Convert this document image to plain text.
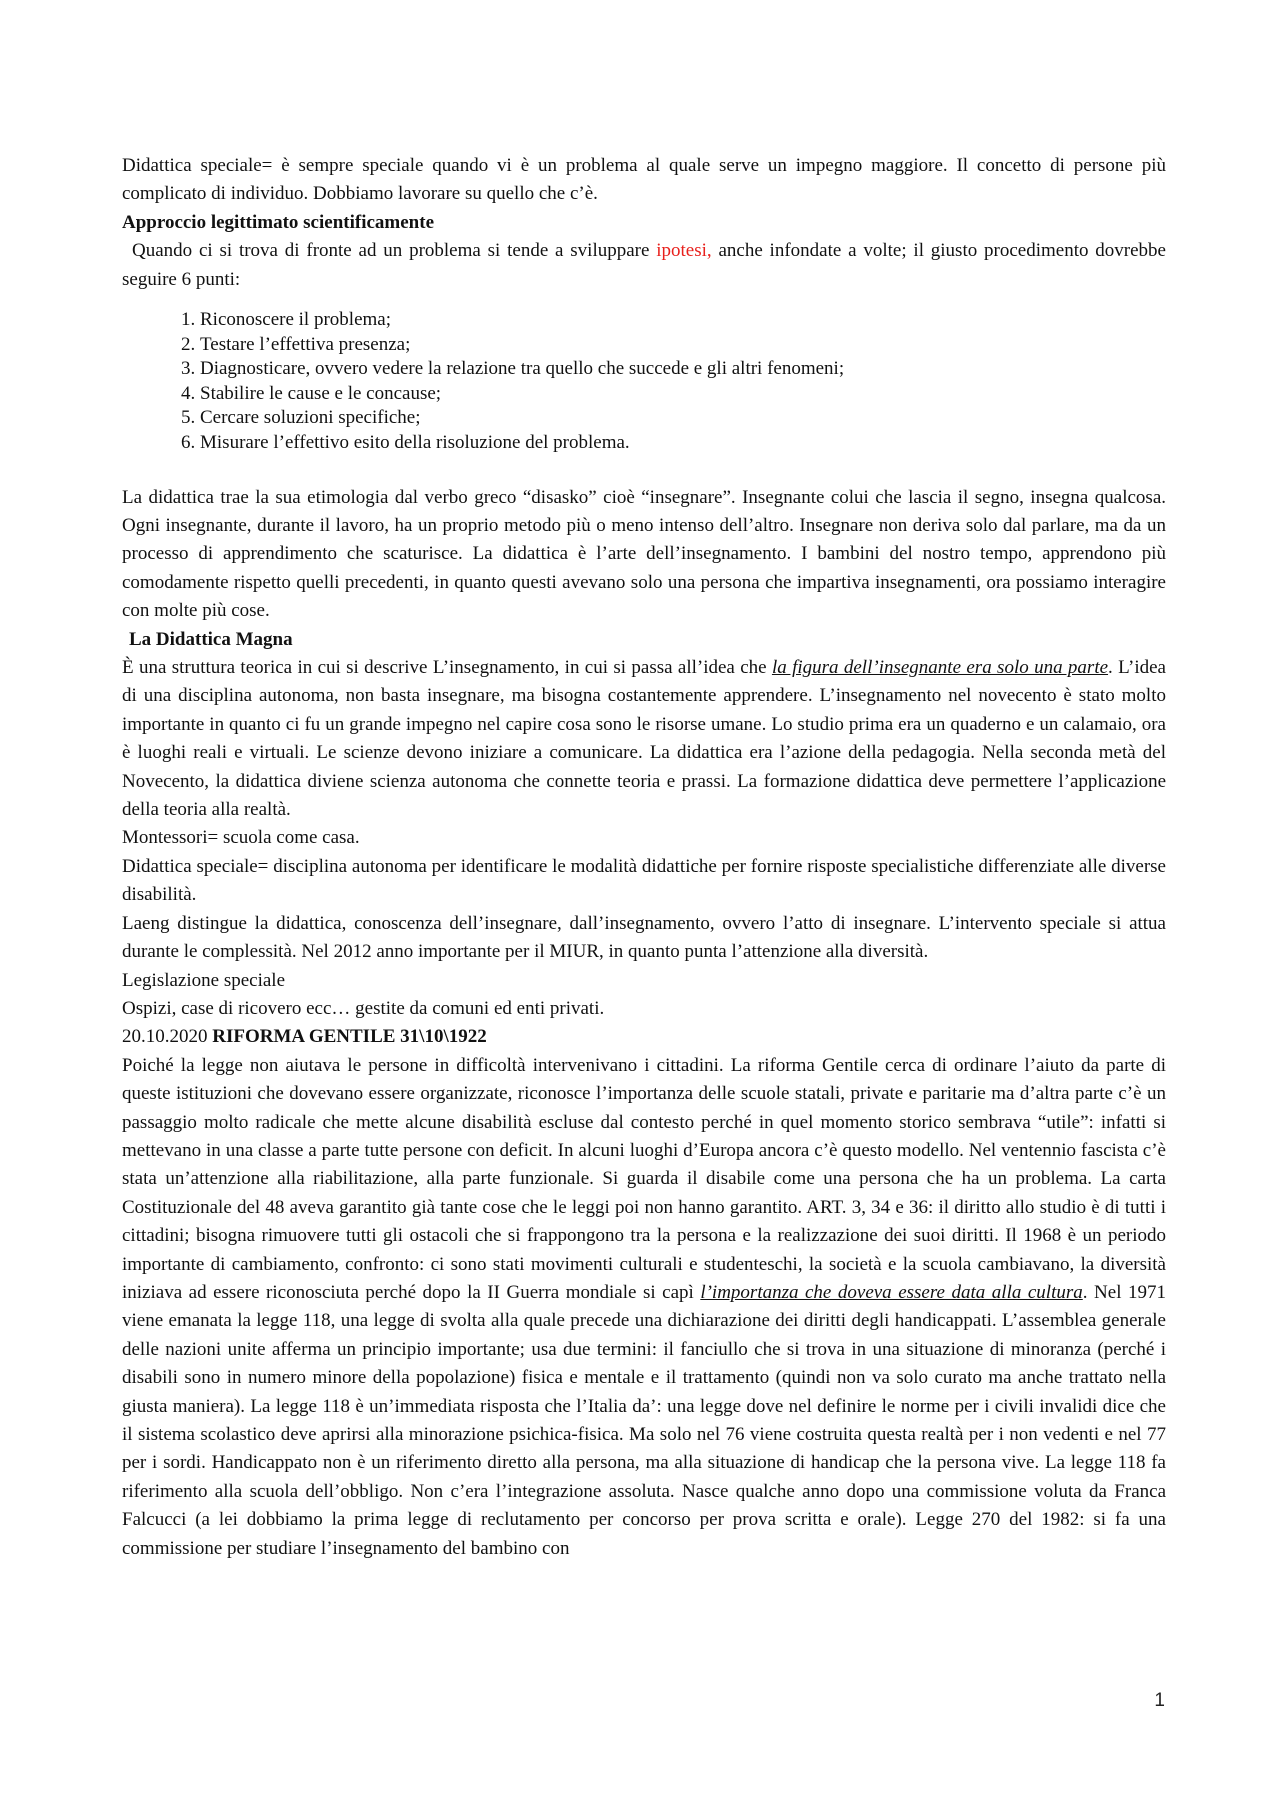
Didattica speciale= è sempre speciale quando vi è un problema al quale serve un impegno maggiore. Il concetto di persone più complicato di individuo. Dobbiamo lavorare su quello che c’è.

Approccio legittimato scientificamente

Quando ci si trova di fronte ad un problema si tende a sviluppare ipotesi, anche infondate a volte; il giusto procedimento dovrebbe seguire 6 punti:

1. Riconoscere il problema;
2. Testare l’effettiva presenza;
3. Diagnosticare, ovvero vedere la relazione tra quello che succede e gli altri fenomeni;
4. Stabilire le cause e le concause;
5. Cercare soluzioni specifiche;
6. Misurare l’effettivo esito della risoluzione del problema.

La didattica trae la sua etimologia dal verbo greco “disasko” cioè “insegnare”. Insegnante colui che lascia il segno, insegna qualcosa. Ogni insegnante, durante il lavoro, ha un proprio metodo più o meno intenso dell’altro. Insegnare non deriva solo dal parlare, ma da un processo di apprendimento che scaturisce. La didattica è l’arte dell’insegnamento. I bambini del nostro tempo, apprendono più comodamente rispetto quelli precedenti, in quanto questi avevano solo una persona che impartiva insegnamenti, ora possiamo interagire con molte più cose.

La Didattica Magna

È una struttura teorica in cui si descrive L’insegnamento, in cui si passa all’idea che la figura dell’insegnante era solo una parte. L’idea di una disciplina autonoma, non basta insegnare, ma bisogna costantemente apprendere. L’insegnamento nel novecento è stato molto importante in quanto ci fu un grande impegno nel capire cosa sono le risorse umane. Lo studio prima era un quaderno e un calamaio, ora è luoghi reali e virtuali. Le scienze devono iniziare a comunicare. La didattica era l’azione della pedagogia. Nella seconda metà del Novecento, la didattica diviene scienza autonoma che connette teoria e prassi. La formazione didattica deve permettere l’applicazione della teoria alla realtà.

Montessori= scuola come casa.

Didattica speciale= disciplina autonoma per identificare le modalità didattiche per fornire risposte specialistiche differenziate alle diverse disabilità.

Laeng distingue la didattica, conoscenza dell’insegnare, dall’insegnamento, ovvero l’atto di insegnare. L’intervento speciale si attua durante le complessità. Nel 2012 anno importante per il MIUR, in quanto punta l’attenzione alla diversità.

Legislazione speciale

Ospizi, case di ricovero ecc… gestite da comuni ed enti privati.

20.10.2020 RIFORMA GENTILE 31\10\1922

Poiché la legge non aiutava le persone in difficoltà intervenivano i cittadini. La riforma Gentile cerca di ordinare l’aiuto da parte di queste istituzioni che dovevano essere organizzate, riconosce l’importanza delle scuole statali, private e paritarie ma d’altra parte c’è un passaggio molto radicale che mette alcune disabilità escluse dal contesto perché in quel momento storico sembrava “utile”: infatti si mettevano in una classe a parte tutte persone con deficit. In alcuni luoghi d’Europa ancora c’è questo modello. Nel ventennio fascista c’è stata un’attenzione alla riabilitazione, alla parte funzionale. Si guarda il disabile come una persona che ha un problema. La carta Costituzionale del 48 aveva garantito già tante cose che le leggi poi non hanno garantito. ART. 3, 34 e 36: il diritto allo studio è di tutti i cittadini; bisogna rimuovere tutti gli ostacoli che si frappongono tra la persona e la realizzazione dei suoi diritti. Il 1968 è un periodo importante di cambiamento, confronto: ci sono stati movimenti culturali e studenteschi, la società e la scuola cambiavano, la diversità iniziava ad essere riconosciuta perché dopo la II Guerra mondiale si capì l’importanza che doveva essere data alla cultura. Nel 1971 viene emanata la legge 118, una legge di svolta alla quale precede una dichiarazione dei diritti degli handicappati. L’assemblea generale delle nazioni unite afferma un principio importante; usa due termini: il fanciullo che si trova in una situazione di minoranza (perché i disabili sono in numero minore della popolazione) fisica e mentale e il trattamento (quindi non va solo curato ma anche trattato nella giusta maniera). La legge 118 è un’immediata risposta che l’Italia da’: una legge dove nel definire le norme per i civili invalidi dice che il sistema scolastico deve aprirsi alla minorazione psichica-fisica. Ma solo nel 76 viene costruita questa realtà per i non vedenti e nel 77 per i sordi. Handicappato non è un riferimento diretto alla persona, ma alla situazione di handicap che la persona vive. La legge 118 fa riferimento alla scuola dell’obbligo. Non c’era l’integrazione assoluta. Nasce qualche anno dopo una commissione voluta da Franca Falcucci (a lei dobbiamo la prima legge di reclutamento per concorso per prova scritta e orale). Legge 270 del 1982: si fa una commissione per studiare l’insegnamento del bambino con

1
